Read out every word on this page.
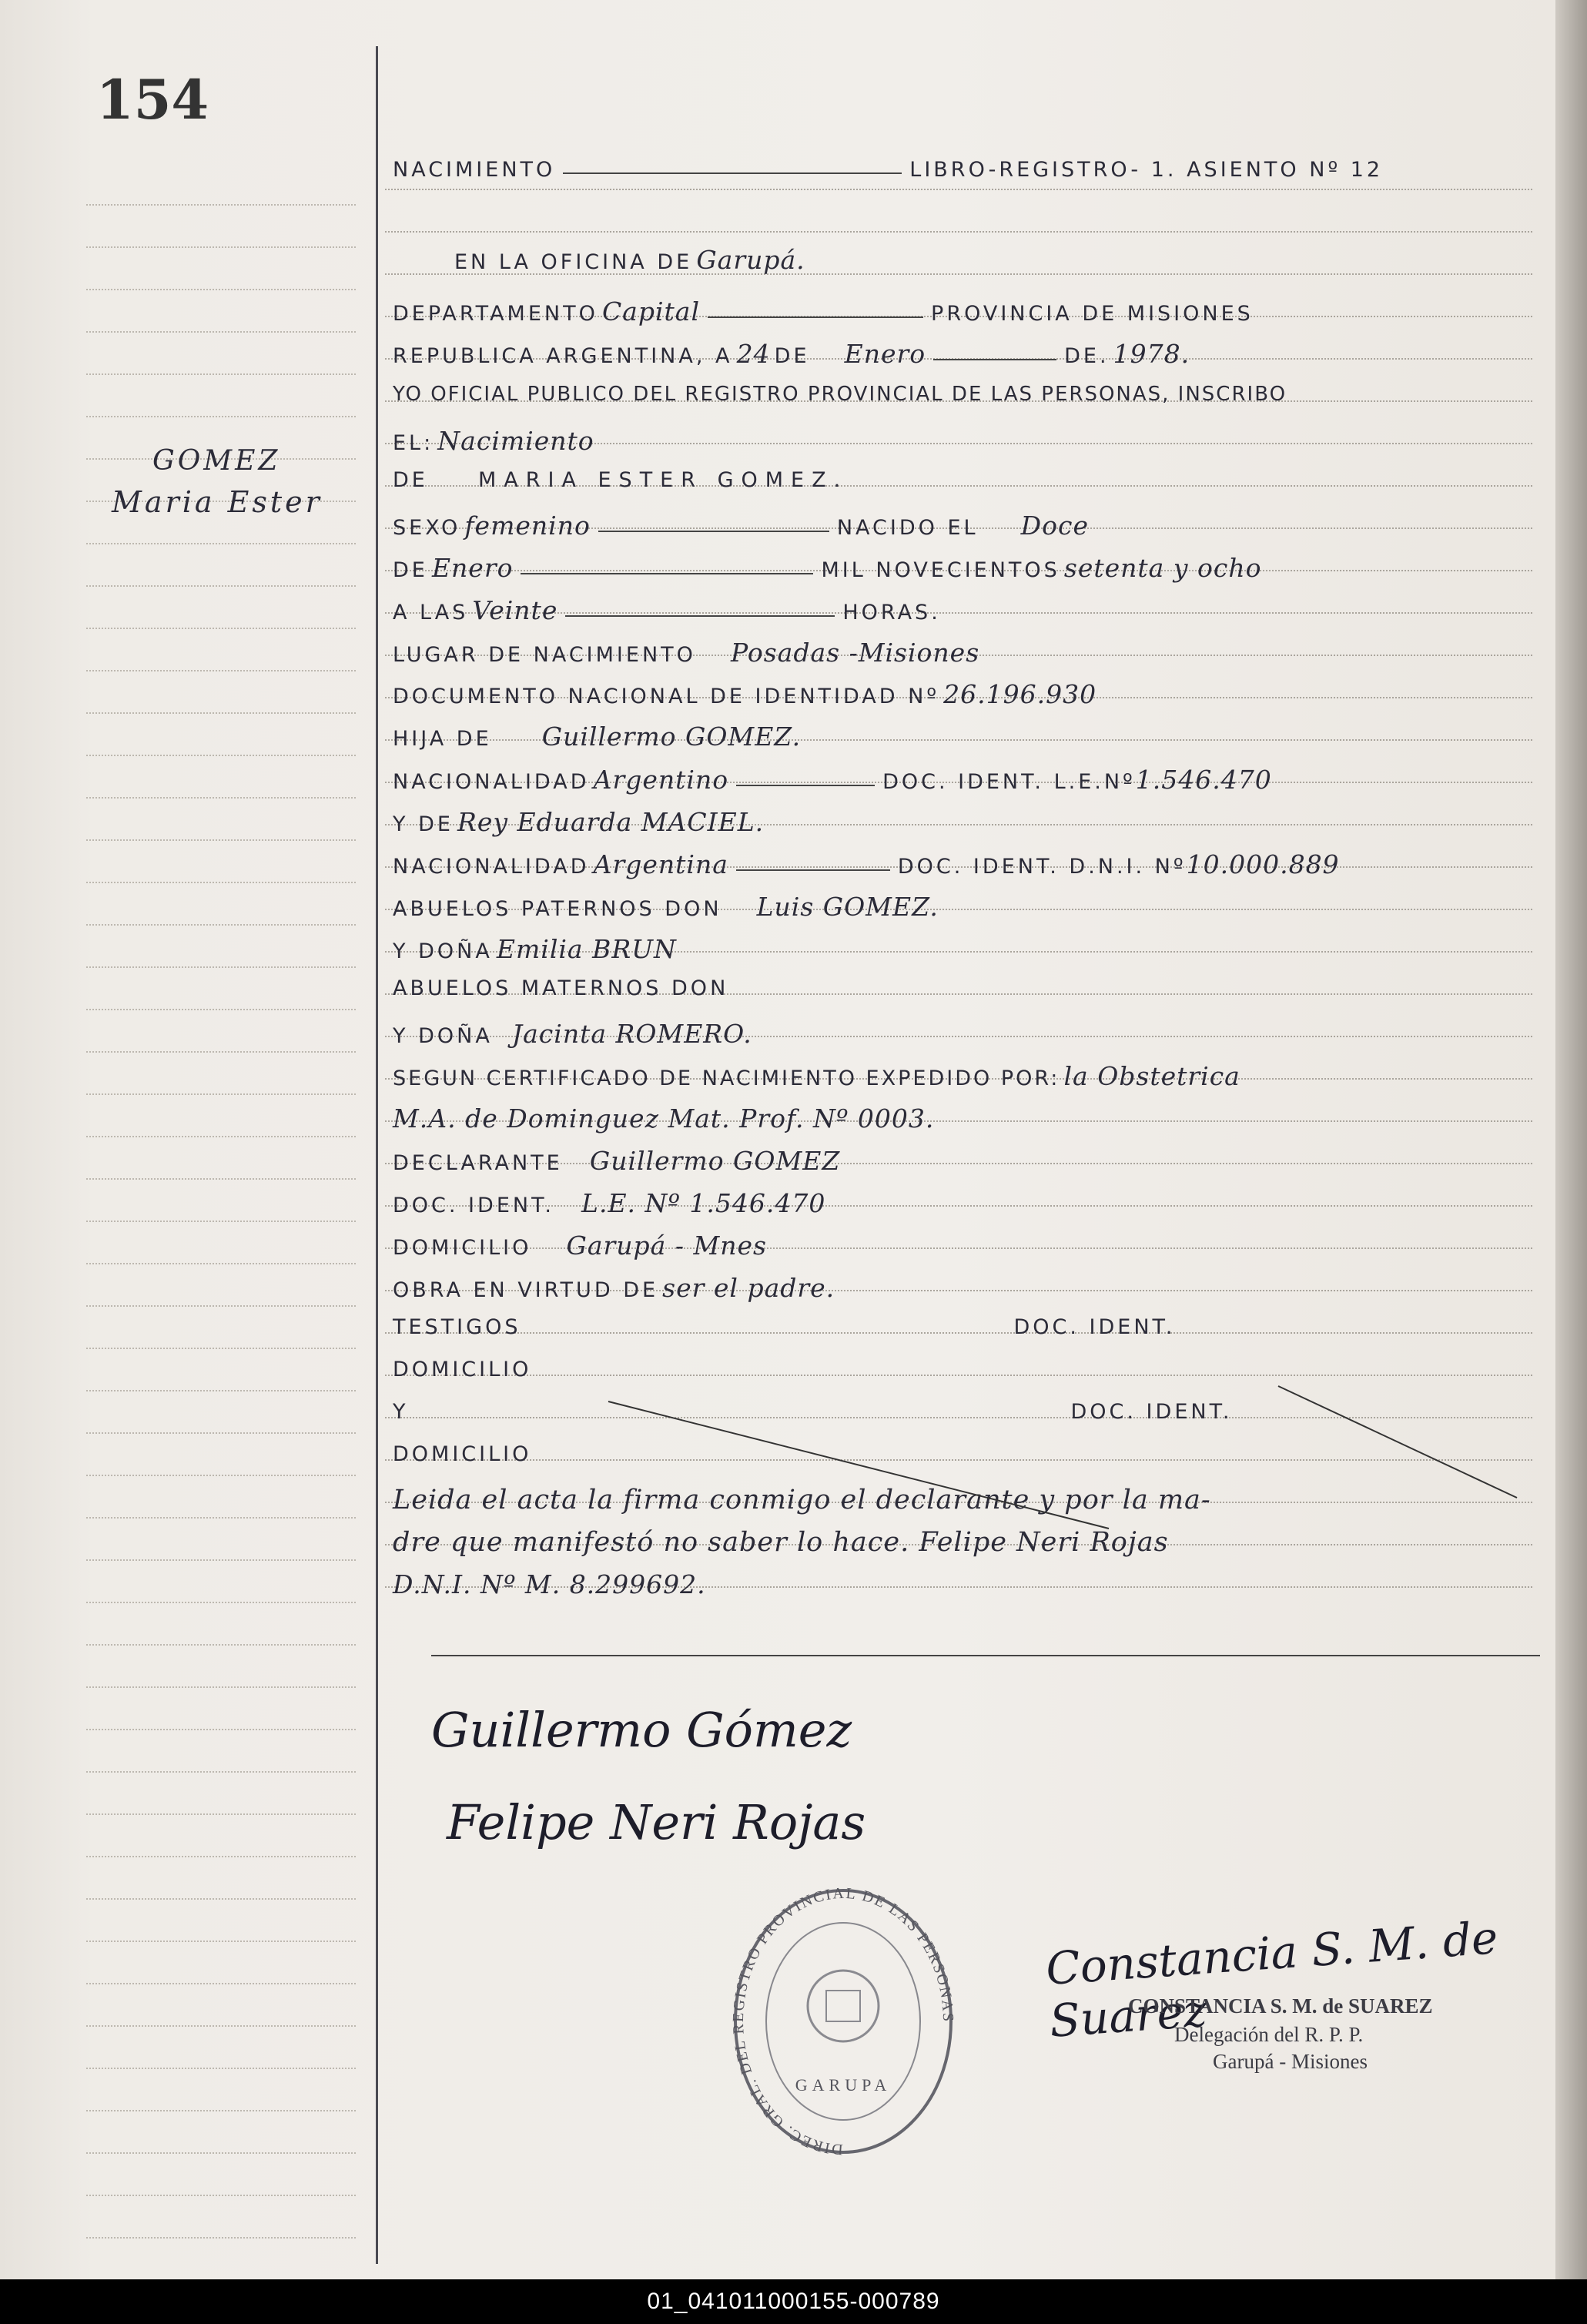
154
GOMEZ
Maria Ester
NACIMIENTO	LIBRO-REGISTRO- 1. ASIENTO Nº 12
EN LA OFICINA DE Garupá.
DEPARTAMENTO Capital	PROVINCIA DE MISIONES
REPUBLICA ARGENTINA, A 24 DE Enero	DE. 1978.
YO OFICIAL PUBLICO DEL REGISTRO PROVINCIAL DE LAS PERSONAS, INSCRIBO
EL: Nacimiento
DE MARIA ESTER GOMEZ.
SEXO femenino	NACIDO EL Doce
DE Enero	MIL NOVECIENTOS setenta y ocho
A LAS Veinte	HORAS.
LUGAR DE NACIMIENTO Posadas -Misiones
DOCUMENTO NACIONAL DE IDENTIDAD Nº 26.196.930
HIJA DE Guillermo GOMEZ.
NACIONALIDAD Argentino	DOC. IDENT. L.E.Nº1.546.470
Y DE Rey Eduarda MACIEL.
NACIONALIDAD Argentina	DOC. IDENT. D.N.I. Nº10.000.889
ABUELOS PATERNOS DON Luis GOMEZ.
Y DOÑA Emilia BRUN
ABUELOS MATERNOS DON
Y DOÑA Jacinta ROMERO.
SEGUN CERTIFICADO DE NACIMIENTO EXPEDIDO POR: la Obstetrica
M.A. de Dominguez Mat. Prof. Nº 0003.
DECLARANTE Guillermo GOMEZ
DOC. IDENT. L.E. Nº 1.546.470
DOMICILIO Garupá - Mnes
OBRA EN VIRTUD DE ser el padre.
TESTIGOS	DOC. IDENT.
DOMICILIO
Y	DOC. IDENT.
DOMICILIO
Leida el acta la firma conmigo el declarante y por la ma-
dre que manifestó no saber lo hace. Felipe Neri Rojas
D.N.I. Nº M. 8.299692.
Guillermo Gómez
Felipe Neri Rojas
Constancia S. M. de Suarez
DIREC. GRAL. DEL REGISTRO PROVINCIAL DE LAS PERSONAS
GARUPA
CONSTANCIA S. M. de SUAREZ
Delegación del R. P. P.
Garupá - Misiones
01_041011000155-000789
